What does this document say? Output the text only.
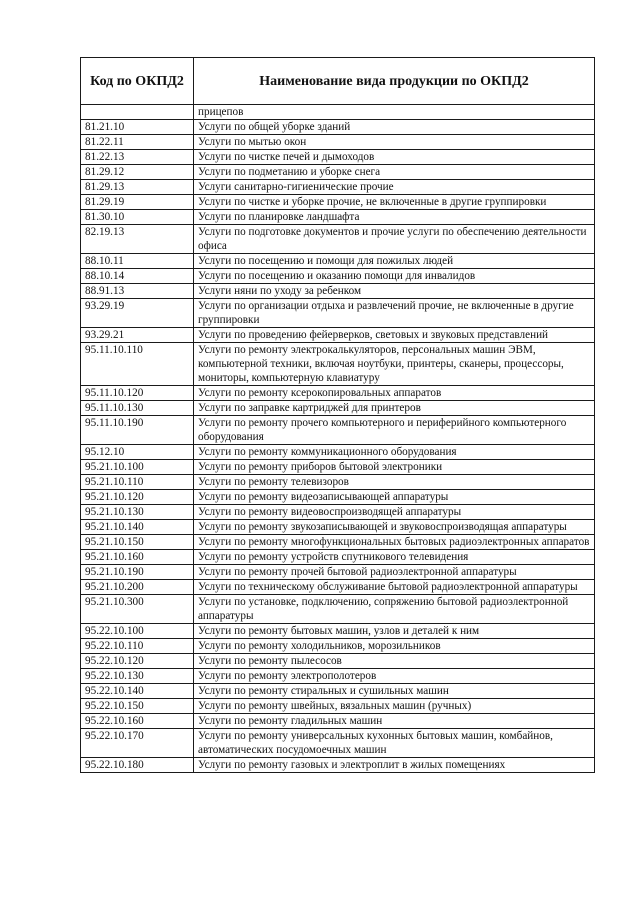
Код по ОКПД2	Наименование вида продукции по ОКПД2
	прицепов
81.21.10	Услуги по общей уборке зданий
81.22.11	Услуги по мытью окон
81.22.13	Услуги по чистке печей и дымоходов
81.29.12	Услуги по подметанию и уборке снега
81.29.13	Услуги санитарно-гигиенические прочие
81.29.19	Услуги по чистке и уборке прочие, не включенные в другие группировки
81.30.10	Услуги по планировке ландшафта
82.19.13	Услуги по подготовке документов и прочие услуги по обеспечению деятельности офиса
88.10.11	Услуги по посещению и помощи для пожилых людей
88.10.14	Услуги по посещению и оказанию помощи для инвалидов
88.91.13	Услуги няни по уходу за ребенком
93.29.19	Услуги по организации отдыха и развлечений прочие, не включенные в другие группировки
93.29.21	Услуги по проведению фейерверков, световых и звуковых представлений
95.11.10.110	Услуги по ремонту электрокалькуляторов, персональных машин ЭВМ, компьютерной техники, включая ноутбуки, принтеры, сканеры, процессоры, мониторы, компьютерную клавиатуру
95.11.10.120	Услуги по ремонту ксерокопировальных аппаратов
95.11.10.130	Услуги по заправке картриджей для принтеров
95.11.10.190	Услуги по ремонту прочего компьютерного и периферийного компьютерного оборудования
95.12.10	Услуги по ремонту коммуникационного оборудования
95.21.10.100	Услуги по ремонту приборов бытовой электроники
95.21.10.110	Услуги по ремонту телевизоров
95.21.10.120	Услуги по ремонту видеозаписывающей аппаратуры
95.21.10.130	Услуги по ремонту видеовоспроизводящей аппаратуры
95.21.10.140	Услуги по ремонту звукозаписывающей и звуковоспроизводящая аппаратуры
95.21.10.150	Услуги по ремонту многофункциональных бытовых радиоэлектронных аппаратов
95.21.10.160	Услуги по ремонту устройств спутникового телевидения
95.21.10.190	Услуги по ремонту прочей бытовой радиоэлектронной аппаратуры
95.21.10.200	Услуги по техническому обслуживание бытовой радиоэлектронной аппаратуры
95.21.10.300	Услуги по установке, подключению, сопряжению бытовой радиоэлектронной аппаратуры
95.22.10.100	Услуги по ремонту бытовых машин, узлов и деталей к ним
95.22.10.110	Услуги по ремонту холодильников, морозильников
95.22.10.120	Услуги по ремонту пылесосов
95.22.10.130	Услуги по ремонту электрополотеров
95.22.10.140	Услуги по ремонту стиральных и сушильных машин
95.22.10.150	Услуги по ремонту швейных, вязальных машин (ручных)
95.22.10.160	Услуги по ремонту гладильных машин
95.22.10.170	Услуги по ремонту универсальных кухонных бытовых машин, комбайнов, автоматических посудомоечных машин
95.22.10.180	Услуги по ремонту газовых и электроплит в жилых помещениях
